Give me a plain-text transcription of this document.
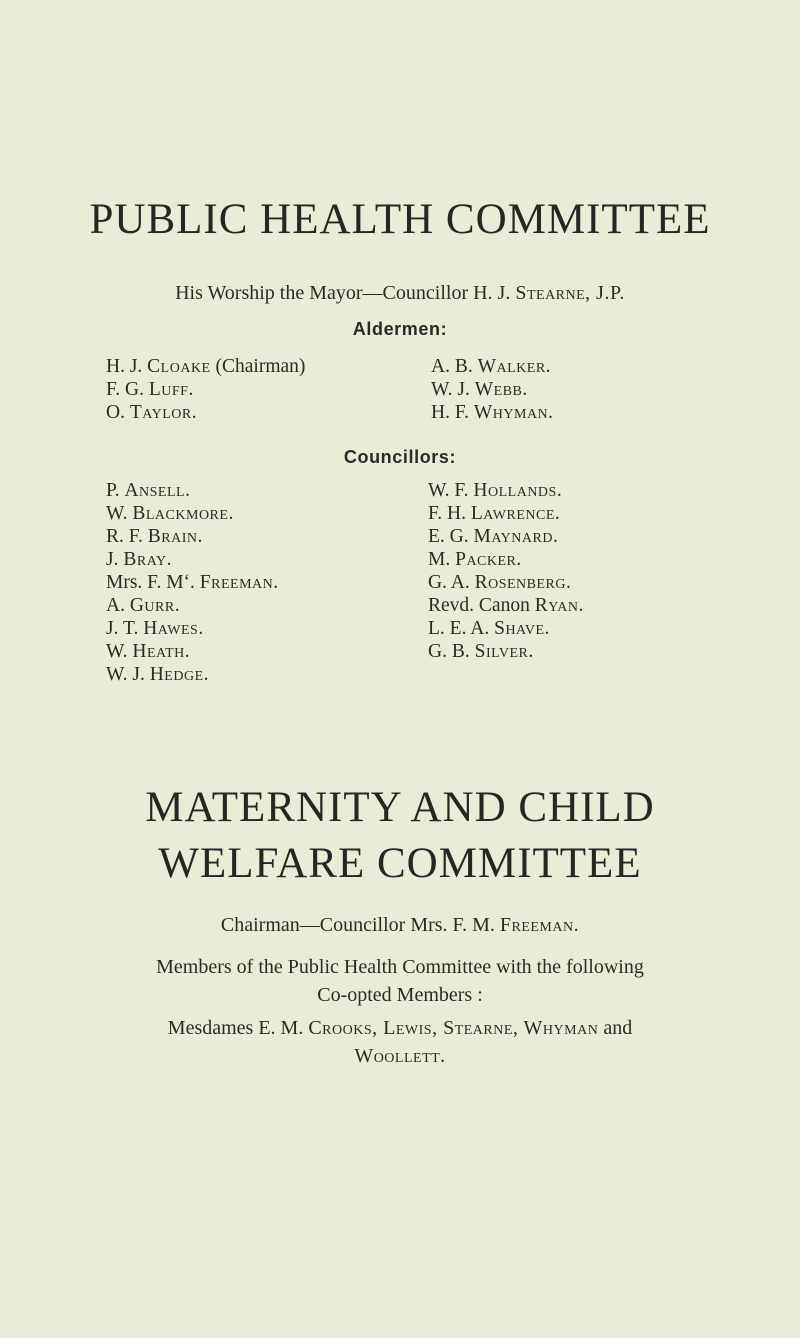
PUBLIC HEALTH COMMITTEE
His Worship the Mayor—Councillor H. J. Stearne, J.P.
Aldermen:
H. J. Cloake (Chairman)
F. G. Luff.
O. Taylor.
A. B. Walker.
W. J. Webb.
H. F. Whyman.
Councillors:
P. Ansell.
W. Blackmore.
R. F. Brain.
J. Bray.
Mrs. F. Mʻ. Freeman.
A. Gurr.
J. T. Hawes.
W. Heath.
W. J. Hedge.
W. F. Hollands.
F. H. Lawrence.
E. G. Maynard.
M. Packer.
G. A. Rosenberg.
Revd. Canon Ryan.
L. E. A. Shave.
G. B. Silver.
MATERNITY AND CHILD
WELFARE COMMITTEE
Chairman—Councillor Mrs. F. M. Freeman.
Members of the Public Health Committee with the following
Co-opted Members :
Mesdames E. M. Crooks, Lewis, Stearne, Whyman and
Woollett.
